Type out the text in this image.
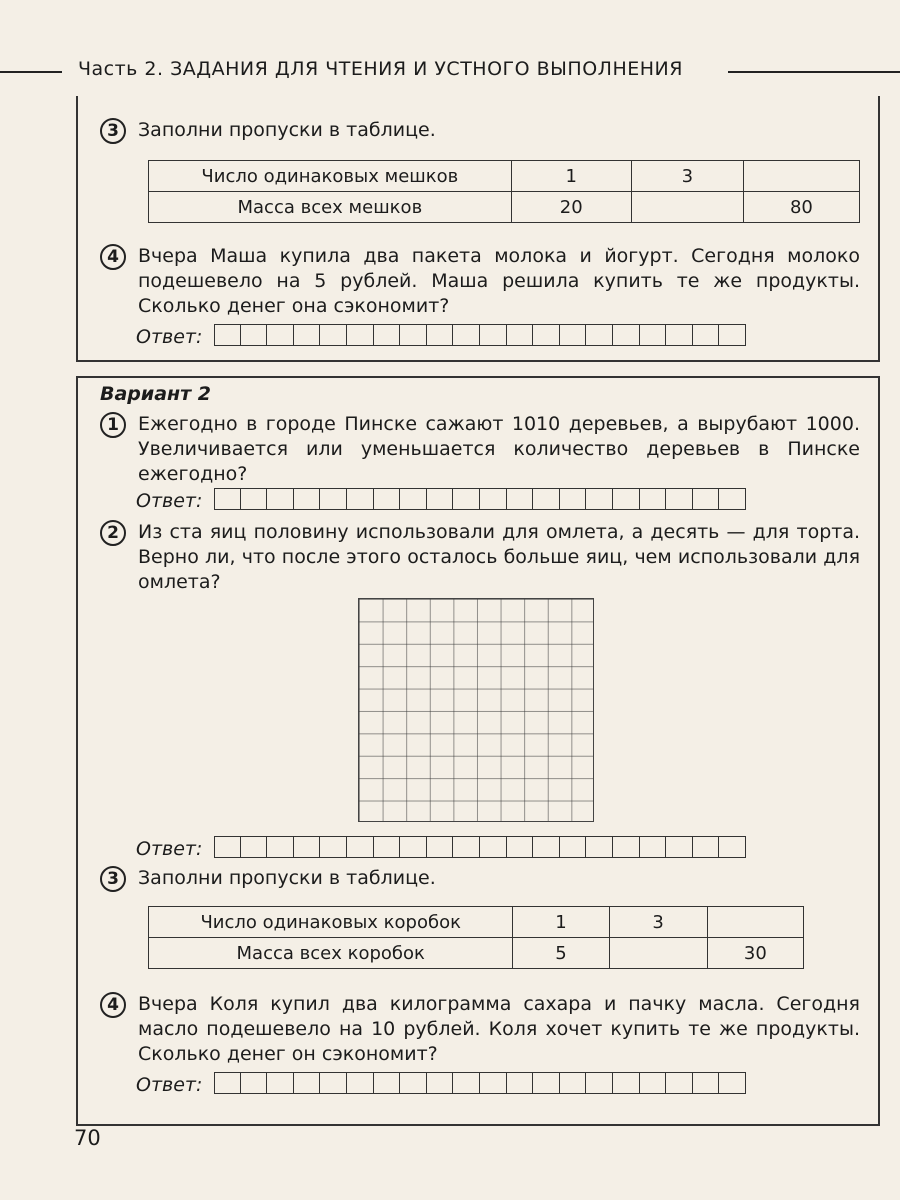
Часть 2. ЗАДАНИЯ ДЛЯ ЧТЕНИЯ И УСТНОГО ВЫПОЛНЕНИЯ
3	Заполни пропуски в таблице.
Число одинаковых мешков	1	3	
Масса всех мешков	20		80
4	Вчера Маша купила два пакета молока и йогурт. Сегодня молоко подешевело на 5 рублей. Маша решила купить те же продукты. Сколько денег она сэкономит?
Ответ:
Вариант 2
1	Ежегодно в городе Пинске сажают 1010 деревьев, а вырубают 1000. Увеличивается или уменьшается количество деревьев в Пинске ежегодно?
Ответ:
2	Из ста яиц половину использовали для омлета, а десять — для торта. Верно ли, что после этого осталось больше яиц, чем использовали для омлета?
Ответ:
3	Заполни пропуски в таблице.
Число одинаковых коробок	1	3	
Масса всех коробок	5		30
4	Вчера Коля купил два килограмма сахара и пачку масла. Сегодня масло подешевело на 10 рублей. Коля хочет купить те же продукты. Сколько денег он сэкономит?
Ответ:
70
